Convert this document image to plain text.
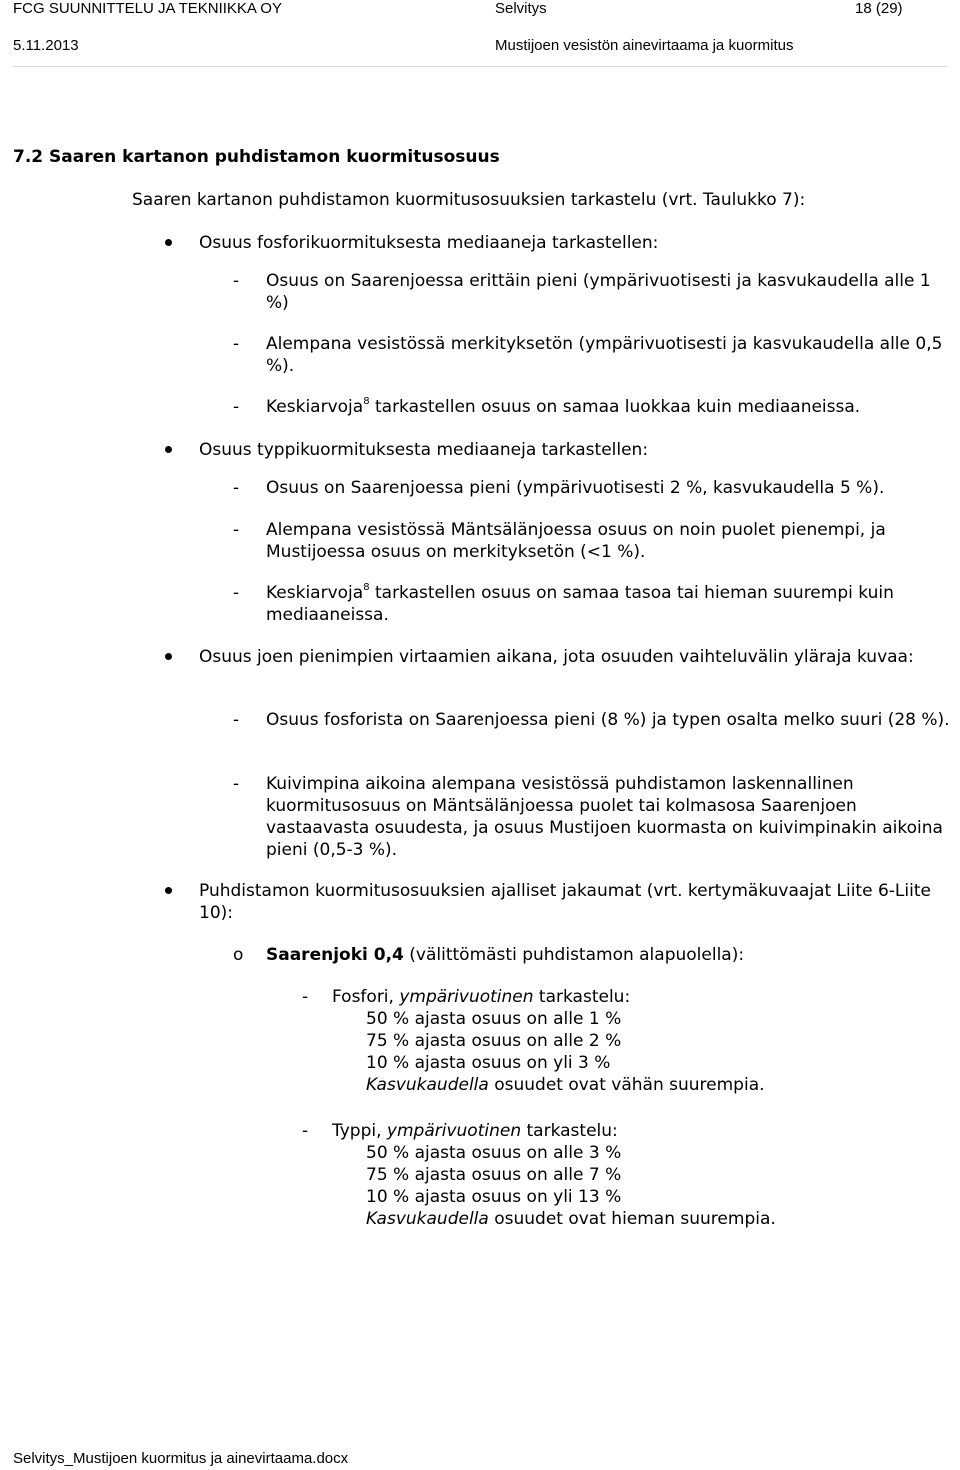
FCG SUUNNITTELU JA TEKNIIKKA OY	Selvitys	18 (29)
5.11.2013	Mustijoen vesistön ainevirtaama ja kuormitus
7.2 Saaren kartanon puhdistamon kuormitusosuus
Saaren kartanon puhdistamon kuormitusosuuksien tarkastelu (vrt. Taulukko 7):
Osuus fosforikuormituksesta mediaaneja tarkastellen:
- Osuus on Saarenjoessa erittäin pieni (ympärivuotisesti ja kasvukaudella alle 1 %)
- Alempana vesistössä merkityksetön (ympärivuotisesti ja kasvukaudella alle 0,5 %).
- Keskiarvoja$^8$ tarkastellen osuus on samaa luokkaa kuin mediaaneissa.
Osuus typpikuormituksesta mediaaneja tarkastellen:
- Osuus on Saarenjoessa pieni (ympärivuotisesti 2 %, kasvukaudella 5 %).
- Alempana vesistössä Mäntsälänjoessa osuus on noin puolet pienempi, ja Mustijoessa osuus on merkityksetön (<1 %).
- Keskiarvoja$^8$ tarkastellen osuus on samaa tasoa tai hieman suurempi kuin mediaaneissa.
Osuus joen pienimpien virtaamien aikana, jota osuuden vaihteluvälin yläraja kuvaa:
- Osuus fosforista on Saarenjoessa pieni (8 %) ja typen osalta melko suuri (28 %).
- Kuivimpina aikoina alempana vesistössä puhdistamon laskennallinen kuormitusosuus on Mäntsälänjoessa puolet tai kolmasosa Saarenjoen vastaavasta osuudesta, ja osuus Mustijoen kuormasta on kuivimpinakin aikoina pieni (0,5-3 %).
Puhdistamon kuormitusosuuksien ajalliset jakaumat (vrt. kertymäkuvaajat Liite 6-Liite 10):
o Saarenjoki 0,4 (välittömästi puhdistamon alapuolella):
- Fosfori, ympärivuotinen tarkastelu:
50 % ajasta osuus on alle 1 %
75 % ajasta osuus on alle 2 %
10 % ajasta osuus on yli 3 %
Kasvukaudella osuudet ovat vähän suurempia.
- Typpi, ympärivuotinen tarkastelu:
50 % ajasta osuus on alle 3 %
75 % ajasta osuus on alle 7 %
10 % ajasta osuus on yli 13 %
Kasvukaudella osuudet ovat hieman suurempia.
Selvitys_Mustijoen kuormitus ja ainevirtaama.docx
